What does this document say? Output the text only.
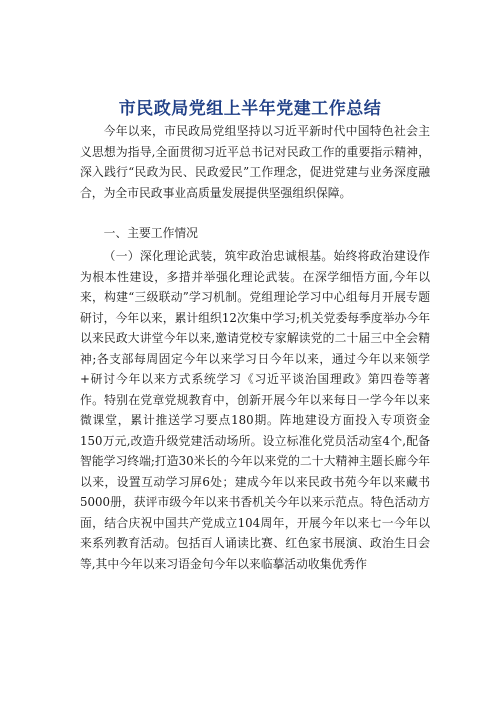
市民政局党组上半年党建工作总结

今年以来，市民政局党组坚持以习近平新时代中国特色社会主义思想为指导,全面贯彻习近平总书记对民政工作的重要指示精神，深入践行“民政为民、民政爱民”工作理念，促进党建与业务深度融合，为全市民政事业高质量发展提供坚强组织保障。

一、主要工作情况

（一）深化理论武装，筑牢政治忠诚根基。始终将政治建设作为根本性建设，多措并举强化理论武装。在深学细悟方面,今年以来，构建“三级联动”学习机制。党组理论学习中心组每月开展专题研讨，今年以来，累计组织12次集中学习;机关党委每季度举办今年以来民政大讲堂今年以来,邀请党校专家解读党的二十届三中全会精神;各支部每周固定今年以来学习日今年以来，通过今年以来领学+研讨今年以来方式系统学习《习近平谈治国理政》第四卷等著作。特别在党章党规教育中，创新开展今年以来每日一学今年以来微课堂，累计推送学习要点180期。阵地建设方面投入专项资金150万元,改造升级党建活动场所。设立标准化党员活动室4个,配备智能学习终端;打造30米长的今年以来党的二十大精神主题长廊今年以来，设置互动学习屏6处；建成今年以来民政书苑今年以来藏书5000册，获评市级今年以来书香机关今年以来示范点。特色活动方面，结合庆祝中国共产党成立104周年，开展今年以来七一今年以来系列教育活动。包括百人诵读比赛、红色家书展演、政治生日会等,其中今年以来习语金句今年以来临摹活动收集优秀作
